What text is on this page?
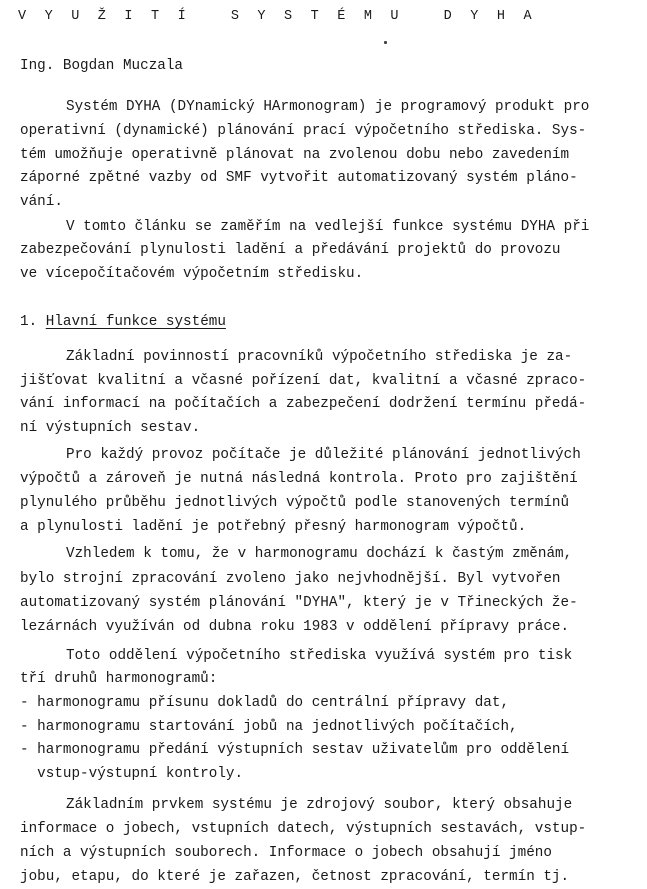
V Y U Ž I T Í   S Y S T É M U   D Y H A
Ing. Bogdan Muczala
Systém DYHA (DYnamický HArmonogram) je programový produkt pro
operativní (dynamické) plánování prací výpočetního střediska. Sys-
tém umožňuje operativně plánovat na zvolenou dobu nebo zavedením
záporné zpětné vazby od SMF vytvořit automatizovaný systém pláno-
vání.
V tomto článku se zaměřím na vedlejší funkce systému DYHA při
zabezpečování plynulosti ladění a předávání projektů do provozu
ve vícepočítačovém výpočetním středisku.
1. Hlavní funkce systému
Základní povinností pracovníků výpočetního střediska je za-
jišťovat kvalitní a včasné pořízení dat, kvalitní a včasné zpraco-
vání informací na počítačích a zabezpečení dodržení termínu předá-
ní výstupních sestav.
Pro každý provoz počítače je důležité plánování jednotlivých
výpočtů a zároveň je nutná následná kontrola. Proto pro zajištění
plynulého průběhu jednotlivých výpočtů podle stanovených termínů
a plynulosti ladění je potřebný přesný harmonogram výpočtů.
Vzhledem k tomu, že v harmonogramu dochází k častým změnám,
bylo strojní zpracování zvoleno jako nejvhodnější. Byl vytvořen
automatizovaný systém plánování "DYHA", který je v Třineckých že-
lezárnách využíván od dubna roku 1983 v oddělení přípravy práce.
Toto oddělení výpočetního střediska využívá systém pro tisk
tří druhů harmonogramů:
- harmonogramu přísunu dokladů do centrální přípravy dat,
- harmonogramu startování jobů na jednotlivých počítačích,
- harmonogramu předání výstupních sestav uživatelům pro oddělení
vstup-výstupní kontroly.
Základním prvkem systému je zdrojový soubor, který obsahuje
informace o jobech, vstupních datech, výstupních sestavách, vstup-
ních a výstupních souborech. Informace o jobech obsahují jméno
jobu, etapu, do které je zařazen, četnost zpracování, termín tj.
